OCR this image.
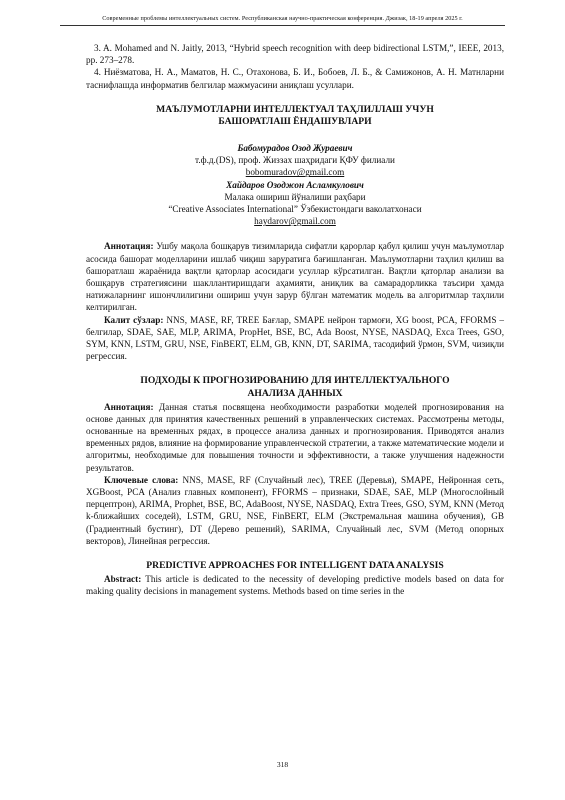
Современные проблемы интеллектуальных систем. Республиканская научно-практическая конференция. Джизак, 18-19 апреля 2025 г.

3. A. Mohamed and N. Jaitly, 2013, “Hybrid speech recognition with deep bidirectional LSTM,”, IEEE, 2013, pp. 273–278.

4. Ниёзматова, Н. А., Маматов, Н. С., Отахонова, Б. И., Бобоев, Л. Б., & Самижонов, А. Н. Матнларни таснифлашда информатив белгилар мажмуасини аниқлаш усуллари.

МАЪЛУМОТЛАРНИ ИНТЕЛЛЕКТУАЛ ТАҲЛИЛЛАШ УЧУН

БАШОРАТЛАШ ЁНДАШУВЛАРИ

Бабомурадов Озод Жураевич

т.ф.д.(DS), проф. Жиззах шаҳридаги ҚФУ филиали

bobomuradov@gmail.com

Хайдаров Озоджон Асламкулович

Малака ошириш йўналиши раҳбари

“Creative Associates International” Ўзбекистондаги ваколатхонаси

haydarov@gmail.com

Аннотация: Ушбу мақола бошқарув тизимларида сифатли қарорлар қабул қилиш учун маълумотлар асосида башорат моделларини ишлаб чиқиш заруратига бағишланган. Маълумотларни таҳлил қилиш ва башоратлаш жараёнида вақтли қаторлар асосидаги усуллар кўрсатилган. Вақтли қаторлар анализи ва бошқарув стратегиясини шакллантиришдаги аҳамияти, аниқлик ва самарадорликка таъсири ҳамда натижаларнинг ишончлилигини ошириш учун зарур бўлган математик модель ва алгоритмлар таҳлили келтирилган.

Калит сўзлар: NNS, MASE, RF, TREE Бағлар, SMAPE нейрон тармоғи, XG boost, PCA, FFORMS – белгилар, SDAE, SAE, MLP, ARIMA, PropHet, BSE, BC, Ada Boost, NYSE, NASDAQ, Exca Trees, GSO, SYM, KNN, LSTM, GRU, NSE, FinBERT, ELM, GB, KNN, DT, SARIMA, тасодифий ўрмон, SVM, чизиқли регрессия.

ПОДХОДЫ К ПРОГНОЗИРОВАНИЮ ДЛЯ ИНТЕЛЛЕКТУАЛЬНОГО

АНАЛИЗА ДАННЫХ

Аннотация: Данная статья посвящена необходимости разработки моделей прогнозирования на основе данных для принятия качественных решений в управленческих системах. Рассмотрены методы, основанные на временных рядах, в процессе анализа данных и прогнозирования. Приводятся анализ временных рядов, влияние на формирование управленческой стратегии, а также математические модели и алгоритмы, необходимые для повышения точности и эффективности, а также улучшения надежности результатов.

Ключевые слова: NNS, MASE, RF (Случайный лес), TREE (Деревья), SMAPE, Нейронная сеть, XGBoost, PCA (Анализ главных компонент), FFORMS – признаки, SDAE, SAE, MLP (Многослойный перцептрон), ARIMA, Prophet, BSE, BC, AdaBoost, NYSE, NASDAQ, Extra Trees, GSO, SYM, KNN (Метод k-ближайших соседей), LSTM, GRU, NSE, FinBERT, ELM (Экстремальная машина обучения), GB (Градиентный бустинг), DT (Дерево решений), SARIMA, Случайный лес, SVM (Метод опорных векторов), Линейная регрессия.

PREDICTIVE APPROACHES FOR INTELLIGENT DATA ANALYSIS

Abstract: This article is dedicated to the necessity of developing predictive models based on data for making quality decisions in management systems. Methods based on time series in the

318
